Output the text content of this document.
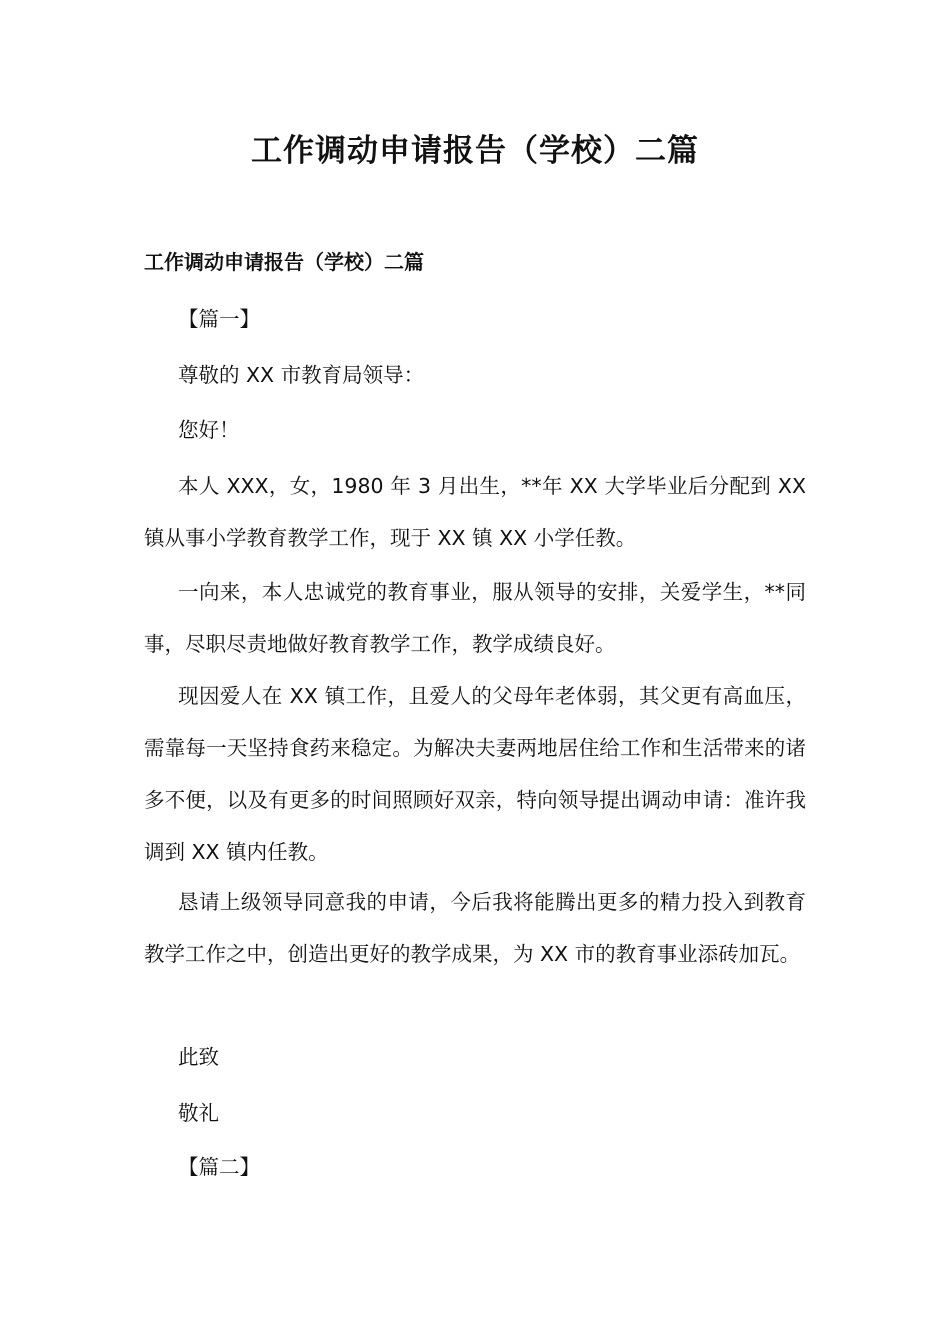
工作调动申请报告（学校）二篇
工作调动申请报告（学校）二篇
【篇一】
尊敬的 XX 市教育局领导：
您好！

本人 XXX，女，1980 年 3 月出生，**年 XX 大学毕业后分配到 XX 镇从事小学教育教学工作，现于 XX 镇 XX 小学任教。

一向来，本人忠诚党的教育事业，服从领导的安排，关爱学生，**同事，尽职尽责地做好教育教学工作，教学成绩良好。

现因爱人在 XX 镇工作，且爱人的父母年老体弱，其父更有高血压，需靠每一天坚持食药来稳定。为解决夫妻两地居住给工作和生活带来的诸多不便，以及有更多的时间照顾好双亲，特向领导提出调动申请：准许我调到 XX 镇内任教。

恳请上级领导同意我的申请，今后我将能腾出更多的精力投入到教育教学工作之中，创造出更好的教学成果，为 XX 市的教育事业添砖加瓦。

此致
敬礼
【篇二】
